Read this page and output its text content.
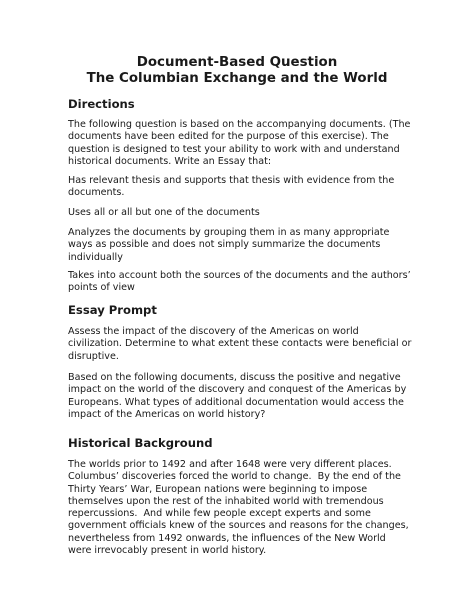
Document-Based Question
The Columbian Exchange and the World
Directions

The following question is based on the accompanying documents. (The
documents have been edited for the purpose of this exercise). The
question is designed to test your ability to work with and understand
historical documents. Write an Essay that:

Has relevant thesis and supports that thesis with evidence from the
documents.

Uses all or all but one of the documents

Analyzes the documents by grouping them in as many appropriate
ways as possible and does not simply summarize the documents
individually

Takes into account both the sources of the documents and the authors’
points of view

Essay Prompt

Assess the impact of the discovery of the Americas on world
civilization. Determine to what extent these contacts were beneficial or
disruptive.

Based on the following documents, discuss the positive and negative
impact on the world of the discovery and conquest of the Americas by
Europeans. What types of additional documentation would access the
impact of the Americas on world history?

Historical Background

The worlds prior to 1492 and after 1648 were very different places.
Columbus’ discoveries forced the world to change.  By the end of the
Thirty Years’ War, European nations were beginning to impose
themselves upon the rest of the inhabited world with tremendous
repercussions.  And while few people except experts and some
government officials knew of the sources and reasons for the changes,
nevertheless from 1492 onwards, the influences of the New World
were irrevocably present in world history.
